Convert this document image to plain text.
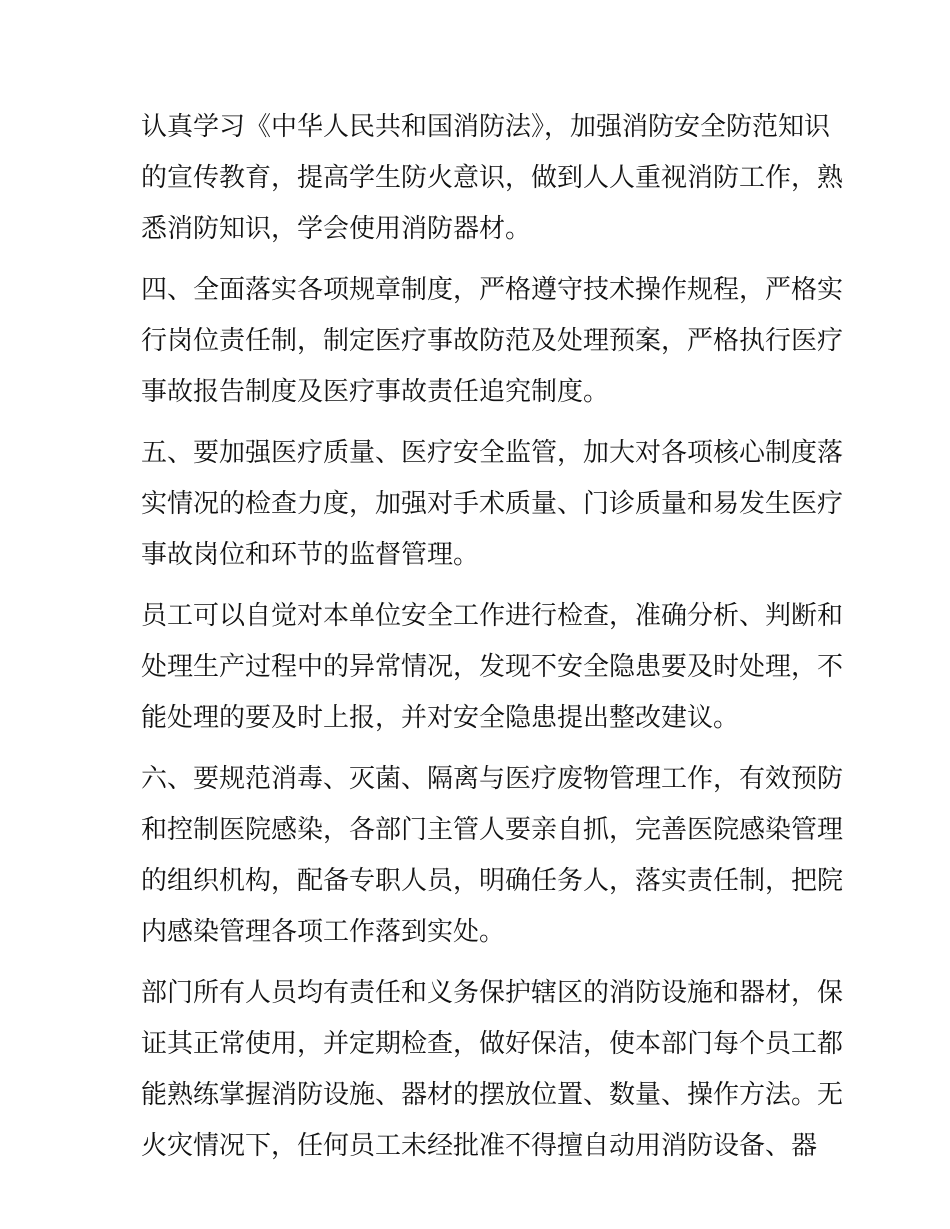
认真学习《中华人民共和国消防法》，加强消防安全防范知识
的宣传教育，提高学生防火意识，做到人人重视消防工作，熟
悉消防知识，学会使用消防器材。
四、全面落实各项规章制度，严格遵守技术操作规程，严格实
行岗位责任制，制定医疗事故防范及处理预案，严格执行医疗
事故报告制度及医疗事故责任追究制度。
五、要加强医疗质量、医疗安全监管，加大对各项核心制度落
实情况的检查力度，加强对手术质量、门诊质量和易发生医疗
事故岗位和环节的监督管理。
员工可以自觉对本单位安全工作进行检查，准确分析、判断和
处理生产过程中的异常情况，发现不安全隐患要及时处理，不
能处理的要及时上报，并对安全隐患提出整改建议。
六、要规范消毒、灭菌、隔离与医疗废物管理工作，有效预防
和控制医院感染，各部门主管人要亲自抓，完善医院感染管理
的组织机构，配备专职人员，明确任务人，落实责任制，把院
内感染管理各项工作落到实处。
部门所有人员均有责任和义务保护辖区的消防设施和器材，保
证其正常使用，并定期检查，做好保洁，使本部门每个员工都
能熟练掌握消防设施、器材的摆放位置、数量、操作方法。无
火灾情况下，任何员工未经批准不得擅自动用消防设备、器
